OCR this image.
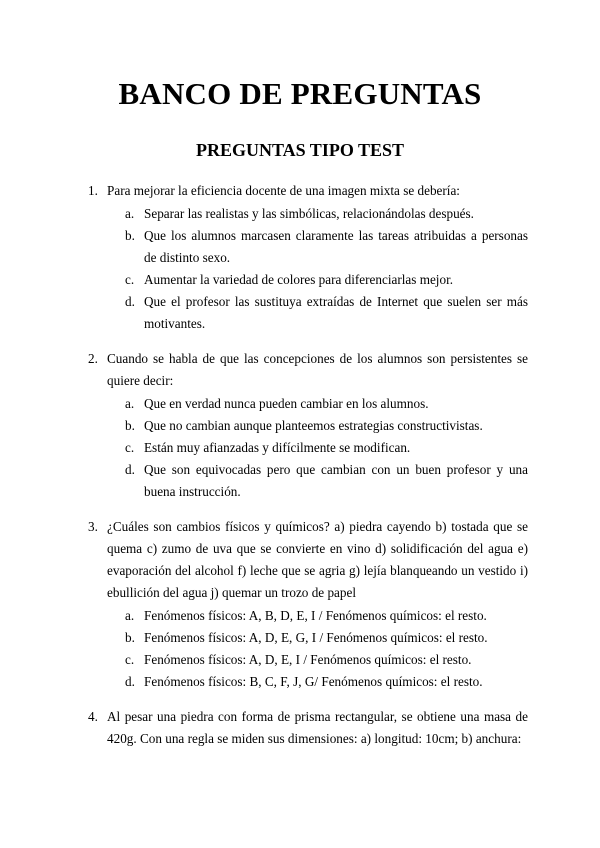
BANCO DE PREGUNTAS
PREGUNTAS TIPO TEST
1. Para mejorar la eficiencia docente de una imagen mixta se debería:
a. Separar las realistas y las simbólicas, relacionándolas después.
b. Que los alumnos marcasen claramente las tareas atribuidas a personas de distinto sexo.
c. Aumentar la variedad de colores para diferenciarlas mejor.
d. Que el profesor las sustituya extraídas de Internet que suelen ser más motivantes.
2. Cuando se habla de que las concepciones de los alumnos son persistentes se quiere decir:
a. Que en verdad nunca pueden cambiar en los alumnos.
b. Que no cambian aunque planteemos estrategias constructivistas.
c. Están muy afianzadas y difícilmente se modifican.
d. Que son equivocadas pero que cambian con un buen profesor y una buena instrucción.
3. ¿Cuáles son cambios físicos y químicos? a) piedra cayendo b) tostada que se quema c) zumo de uva que se convierte en vino d) solidificación del agua e) evaporación del alcohol f) leche que se agria g) lejía blanqueando un vestido i) ebullición del agua j) quemar un trozo de papel
a. Fenómenos físicos: A, B, D, E, I / Fenómenos químicos: el resto.
b. Fenómenos físicos: A, D, E, G, I / Fenómenos químicos: el resto.
c. Fenómenos físicos: A, D, E, I / Fenómenos químicos: el resto.
d. Fenómenos físicos: B, C, F, J, G/ Fenómenos químicos: el resto.
4. Al pesar una piedra con forma de prisma rectangular, se obtiene una masa de 420g. Con una regla se miden sus dimensiones: a) longitud: 10cm; b) anchura:
